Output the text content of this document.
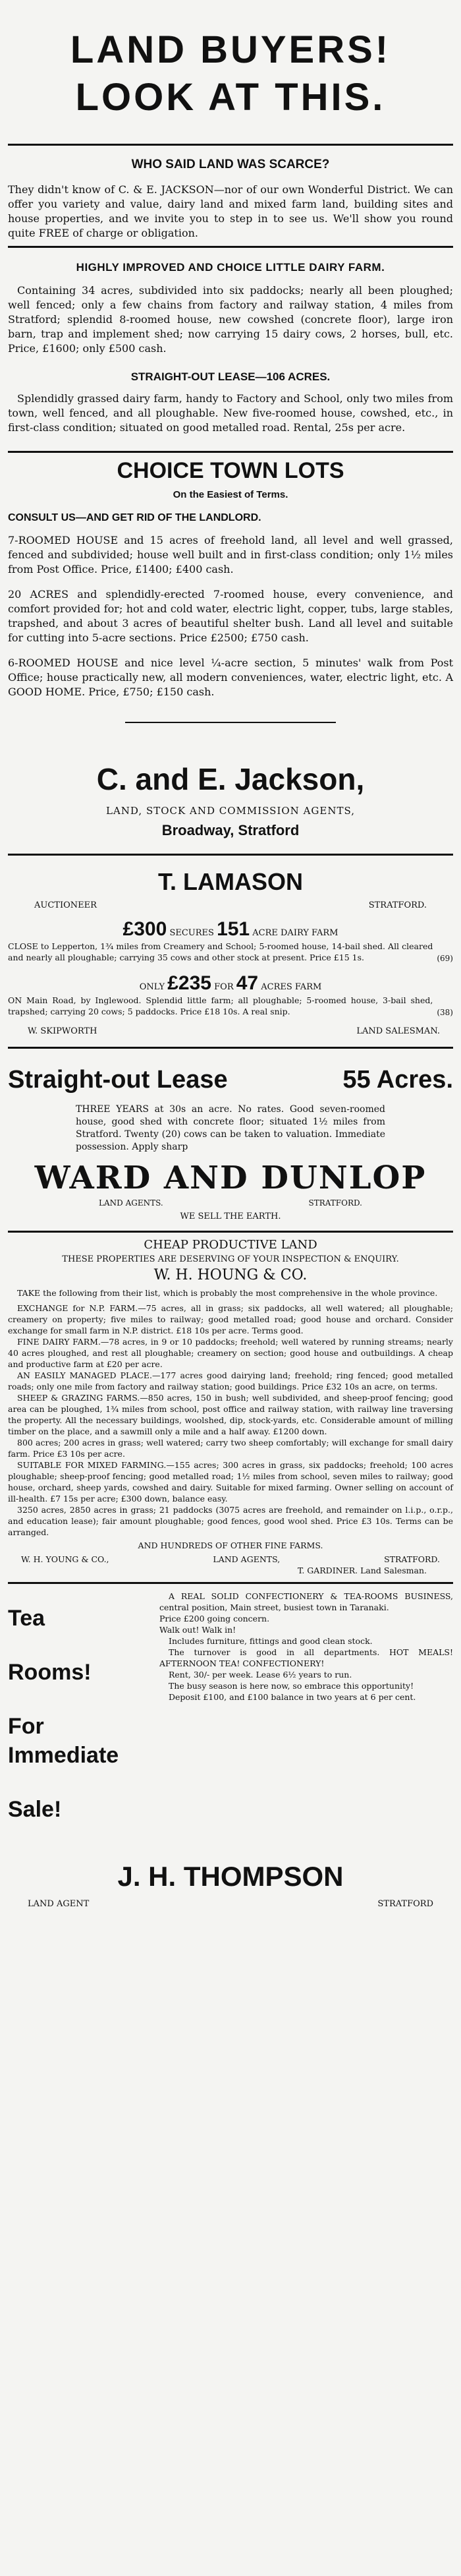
LAND BUYERS!
LOOK AT THIS.
WHO SAID LAND WAS SCARCE?

They didn't know of C. & E. JACKSON—nor of our own Wonderful District. We can offer you variety and value, dairy land and mixed farm land, building sites and house properties, and we invite you to step in to see us. We'll show you round quite FREE of charge or obligation.

HIGHLY IMPROVED AND CHOICE LITTLE DAIRY FARM.

Containing 34 acres, subdivided into six paddocks; nearly all been ploughed; well fenced; only a few chains from factory and railway station, 4 miles from Stratford; splendid 8-roomed house, new cowshed (concrete floor), large iron barn, trap and implement shed; now carrying 15 dairy cows, 2 horses, bull, etc. Price, £1600; only £500 cash.

STRAIGHT-OUT LEASE—106 ACRES.

Splendidly grassed dairy farm, handy to Factory and School, only two miles from town, well fenced, and all ploughable. New five-roomed house, cowshed, etc., in first-class condition; situated on good metalled road. Rental, 25s per acre.

CHOICE TOWN LOTS
On the Easiest of Terms.
CONSULT US—AND GET RID OF THE LANDLORD.

7-ROOMED HOUSE and 15 acres of freehold land, all level and well grassed, fenced and subdivided; house well built and in first-class condition; only 1½ miles from Post Office. Price, £1400; £400 cash.

20 ACRES and splendidly-erected 7-roomed house, every convenience, and comfort provided for; hot and cold water, electric light, copper, tubs, large stables, trapshed, and about 3 acres of beautiful shelter bush. Land all level and suitable for cutting into 5-acre sections. Price £2500; £750 cash.

6-ROOMED HOUSE and nice level ¼-acre section, 5 minutes' walk from Post Office; house practically new, all modern conveniences, water, electric light, etc. A GOOD HOME. Price, £750; £150 cash.

C. and E. Jackson,
LAND, STOCK AND COMMISSION AGENTS,
Broadway, Stratford
T. LAMASON
AUCTIONEER	STRATFORD.
£300 SECURES 151 ACRE DAIRY FARM

CLOSE to Lepperton, 1¾ miles from Creamery and School; 5-roomed house, 14-bail shed. All cleared and nearly all ploughable; carrying 35 cows and other stock at present. Price £15 1s.	(69)
ONLY £235 FOR 47 ACRES FARM

ON Main Road, by Inglewood. Splendid little farm; all ploughable; 5-roomed house, 3-bail shed, trapshed; carrying 20 cows; 5 paddocks. Price £18 10s. A real snip.	(38)
W. SKIPWORTH	LAND SALESMAN.
Straight-out Lease	55 Acres.

THREE YEARS at 30s an acre. No rates. Good seven-roomed house, good shed with concrete floor; situated 1½ miles from Stratford. Twenty (20) cows can be taken to valuation. Immediate possession. Apply sharp

WARD AND DUNLOP
LAND AGENTS.	STRATFORD.
WE SELL THE EARTH.
CHEAP PRODUCTIVE LAND
THESE PROPERTIES ARE DESERVING OF YOUR INSPECTION & ENQUIRY.
W. H. HOUNG & CO.

TAKE the following from their list, which is probably the most comprehensive in the whole province.

EXCHANGE for N.P. FARM.—75 acres, all in grass; six paddocks, all well watered; all ploughable; creamery on property; five miles to railway; good metalled road; good house and orchard. Consider exchange for small farm in N.P. district. £18 10s per acre. Terms good.

FINE DAIRY FARM.—78 acres, in 9 or 10 paddocks; freehold; well watered by running streams; nearly 40 acres ploughed, and rest all ploughable; creamery on section; good house and outbuildings. A cheap and productive farm at £20 per acre.

AN EASILY MANAGED PLACE.—177 acres good dairying land; freehold; ring fenced; good metalled roads; only one mile from factory and railway station; good buildings. Price £32 10s an acre, on terms.

SHEEP & GRAZING FARMS.—850 acres, 150 in bush; well subdivided, and sheep-proof fencing; good area can be ploughed, 1¾ miles from school, post office and railway station, with railway line traversing the property. All the necessary buildings, woolshed, dip, stock-yards, etc. Considerable amount of milling timber on the place, and a sawmill only a mile and a half away. £1200 down.

800 acres; 200 acres in grass; well watered; carry two sheep comfortably; will exchange for small dairy farm. Price £3 10s per acre.

SUITABLE FOR MIXED FARMING.—155 acres; 300 acres in grass, six paddocks; freehold; 100 acres ploughable; sheep-proof fencing; good metalled road; 1½ miles from school, seven miles to railway; good house, orchard, sheep yards, cowshed and dairy. Suitable for mixed farming. Owner selling on account of ill-health. £7 15s per acre; £300 down, balance easy.

3250 acres, 2850 acres in grass; 21 paddocks (3075 acres are freehold, and remainder on l.i.p., o.r.p., and education lease); fair amount ploughable; good fences, good wool shed. Price £3 10s. Terms can be arranged.

AND HUNDREDS OF OTHER FINE FARMS.
W. H. YOUNG & CO.,	LAND AGENTS,	STRATFORD.
T. GARDINER. Land Salesman.
Tea
Rooms!
For Immediate
Sale!

A REAL SOLID CONFECTIONERY & TEA-ROOMS BUSINESS, central position, Main street, busiest town in Taranaki.

Price £200 going concern.

Walk out! Walk in!

Includes furniture, fittings and good clean stock.

The turnover is good in all departments. HOT MEALS! AFTERNOON TEA! CONFECTIONERY!

Rent, 30/- per week. Lease 6½ years to run.

The busy season is here now, so embrace this opportunity!

Deposit £100, and £100 balance in two years at 6 per cent.

J. H. THOMPSON
LAND AGENT	STRATFORD
